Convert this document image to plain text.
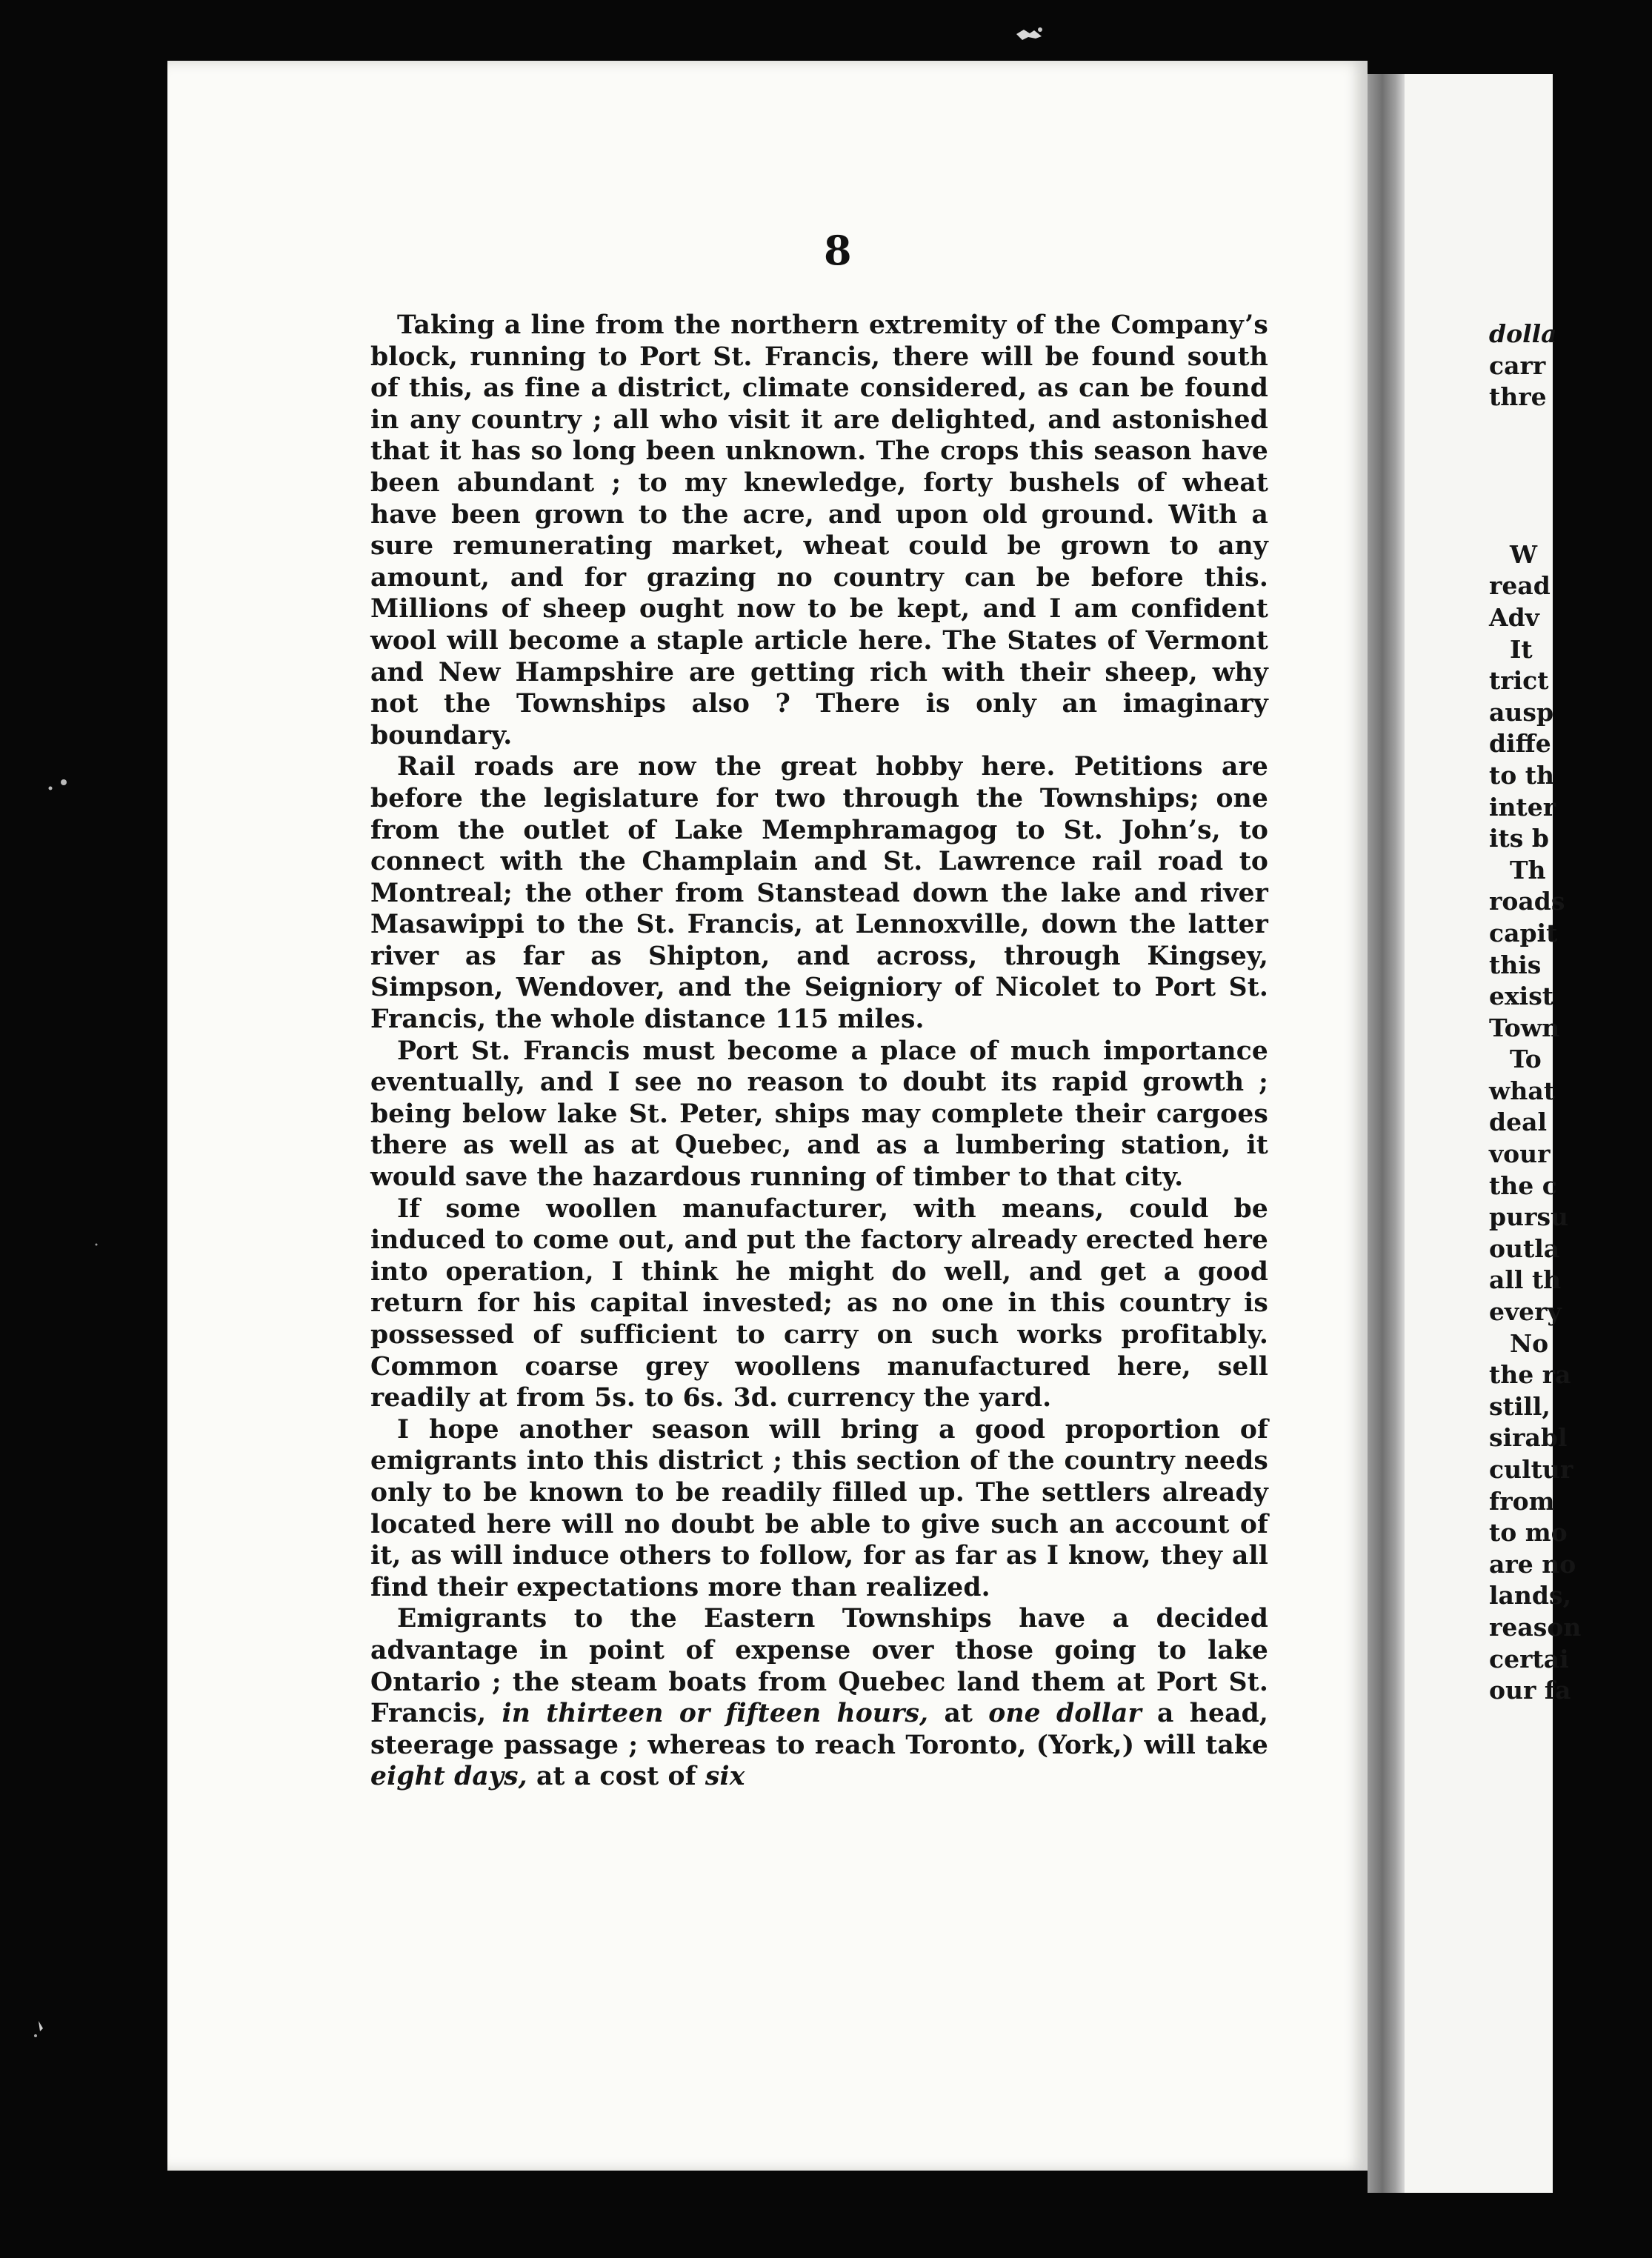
8

Taking a line from the northern extremity of the Company’s block, running to Port St. Francis, there will be found south of this, as fine a district, climate considered, as can be found in any country ; all who visit it are delighted, and astonished that it has so long been unknown. The crops this season have been abundant ; to my knewledge, forty bushels of wheat have been grown to the acre, and upon old ground. With a sure remunerating market, wheat could be grown to any amount, and for grazing no country can be before this. Millions of sheep ought now to be kept, and I am confident wool will become a staple article here. The States of Vermont and New Hampshire are getting rich with their sheep, why not the Townships also ? There is only an imaginary boundary.

Rail roads are now the great hobby here. Petitions are before the legislature for two through the Townships; one from the outlet of Lake Memphramagog to St. John’s, to connect with the Champlain and St. Lawrence rail road to Montreal; the other from Stanstead down the lake and river Masawippi to the St. Francis, at Lennoxville, down the latter river as far as Shipton, and across, through Kingsey, Simpson, Wendover, and the Seigniory of Nicolet to Port St. Francis, the whole distance 115 miles.

Port St. Francis must become a place of much importance eventually, and I see no reason to doubt its rapid growth ; being below lake St. Peter, ships may complete their cargoes there as well as at Quebec, and as a lumbering station, it would save the hazardous running of timber to that city.

If some woollen manufacturer, with means, could be induced to come out, and put the factory already erected here into operation, I think he might do well, and get a good return for his capital invested; as no one in this country is possessed of sufficient to carry on such works profitably. Common coarse grey woollens manufactured here, sell readily at from 5s. to 6s. 3d. currency the yard.

I hope another season will bring a good proportion of emigrants into this district ; this section of the country needs only to be known to be readily filled up. The settlers already located here will no doubt be able to give such an account of it, as will induce others to follow, for as far as I know, they all find their expectations more than realized.

Emigrants to the Eastern Townships have a decided advantage in point of expense over those going to lake Ontario ; the steam boats from Quebec land them at Port St. Francis, in thirteen or fifteen hours, at one dollar a head, steerage passage ; whereas to reach Toronto, (York,) will take eight days, at a cost of six

dolla
carr
thre
W
read
Adv
It
trict
ausp
diffe
to th
inter
its b
Th
roads
capit
this
exist
Town
To
what
deal
vour
the c
pursu
outla
all th
every
No
the ra
still,
sirabl
cultur
from
to mo
are no
lands,
reason
certai
our fa
